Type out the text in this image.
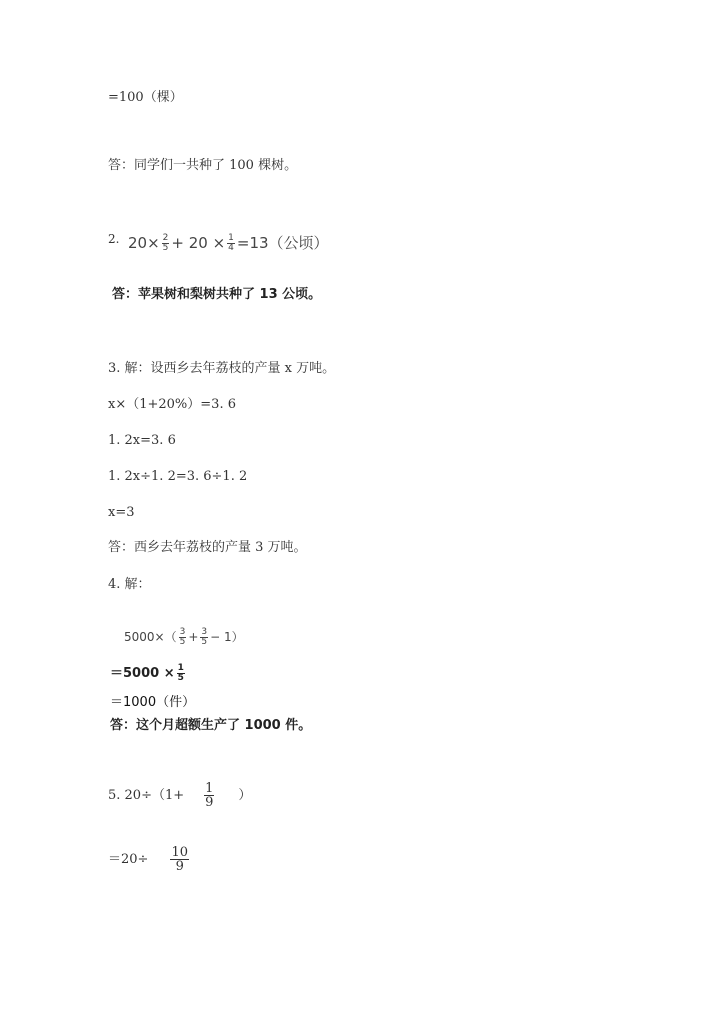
=100（棵）
答：同学们一共种了 100 棵树。
2. $20\times \frac{2}{5} + 20 \times \frac{1}{4} =13$（公顷）
答：苹果树和梨树共种了 13 公顷。
3. 解：设西乡去年荔枝的产量 x 万吨。
x×（1+20%）=3. 6
1. 2x=3. 6
1. 2x÷1. 2=3. 6÷1. 2
x=3
答：西乡去年荔枝的产量 3 万吨。
4. 解：
$5000\times( \frac{3}{5} + \frac{3}{5} - 1)$
$=5000 \times \frac{1}{5}$
＝1000（件）
答：这个月超额生产了 1000 件。
5. $20\div(1+ \frac{1}{9}$ ）
$=20\div \frac{10}{9}$
